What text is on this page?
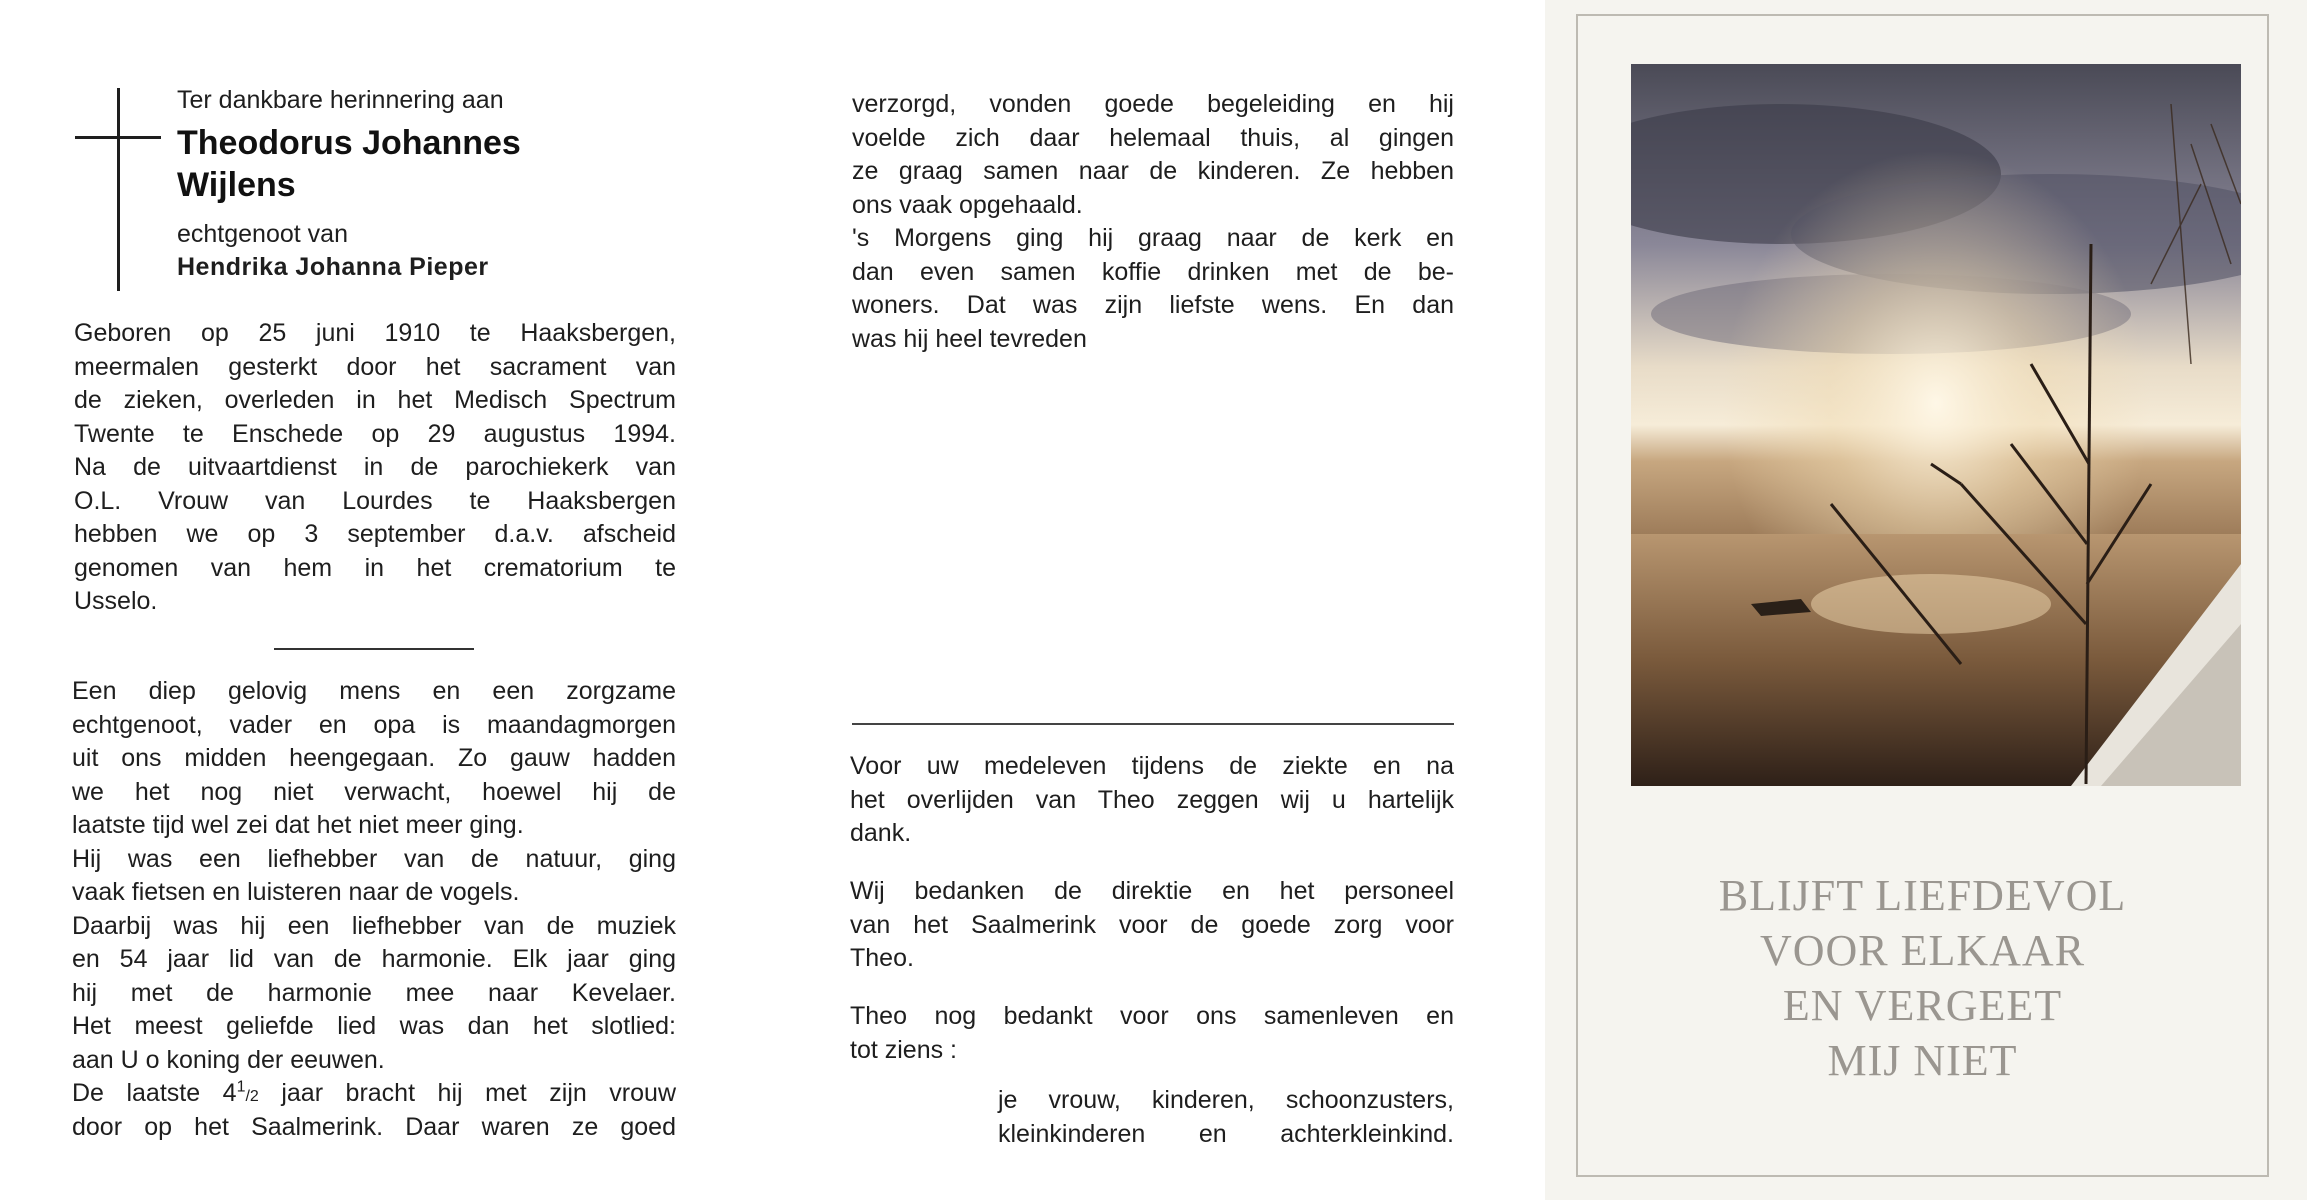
Ter dankbare herinnering aan
Theodorus Johannes
Wijlens
echtgenoot van
Hendrika Johanna Pieper
Geboren op 25 juni 1910 te Haaksbergen,
meermalen gesterkt door het sacrament van
de zieken, overleden in het Medisch Spectrum
Twente te Enschede op 29 augustus 1994.
Na de uitvaartdienst in de parochiekerk van
O.L. Vrouw van Lourdes te Haaksbergen
hebben we op 3 september d.a.v. afscheid
genomen van hem in het crematorium te
Usselo.
Een diep gelovig mens en een zorgzame
echtgenoot, vader en opa is maandagmorgen
uit ons midden heengegaan. Zo gauw hadden
we het nog niet verwacht, hoewel hij de
laatste tijd wel zei dat het niet meer ging.
Hij was een liefhebber van de natuur, ging
vaak fietsen en luisteren naar de vogels.
Daarbij was hij een liefhebber van de muziek
en 54 jaar lid van de harmonie. Elk jaar ging
hij met de harmonie mee naar Kevelaer.
Het meest geliefde lied was dan het slotlied:
aan U o koning der eeuwen.
De laatste $4^1/2$ jaar bracht hij met zijn vrouw
door op het Saalmerink. Daar waren ze goed
verzorgd, vonden goede begeleiding en hij
voelde zich daar helemaal thuis, al gingen
ze graag samen naar de kinderen. Ze hebben
ons vaak opgehaald.
's Morgens ging hij graag naar de kerk en
dan even samen koffie drinken met de be-
woners. Dat was zijn liefste wens. En dan
was hij heel tevreden
Voor uw medeleven tijdens de ziekte en na
het overlijden van Theo zeggen wij u hartelijk
dank.
Wij bedanken de direktie en het personeel
van het Saalmerink voor de goede zorg voor
Theo.
Theo nog bedankt voor ons samenleven en
tot ziens :
je vrouw, kinderen, schoonzusters,
kleinkinderen en achterkleinkind.
BLIJFT LIEFDEVOL
VOOR ELKAAR
EN VERGEET
MIJ NIET
